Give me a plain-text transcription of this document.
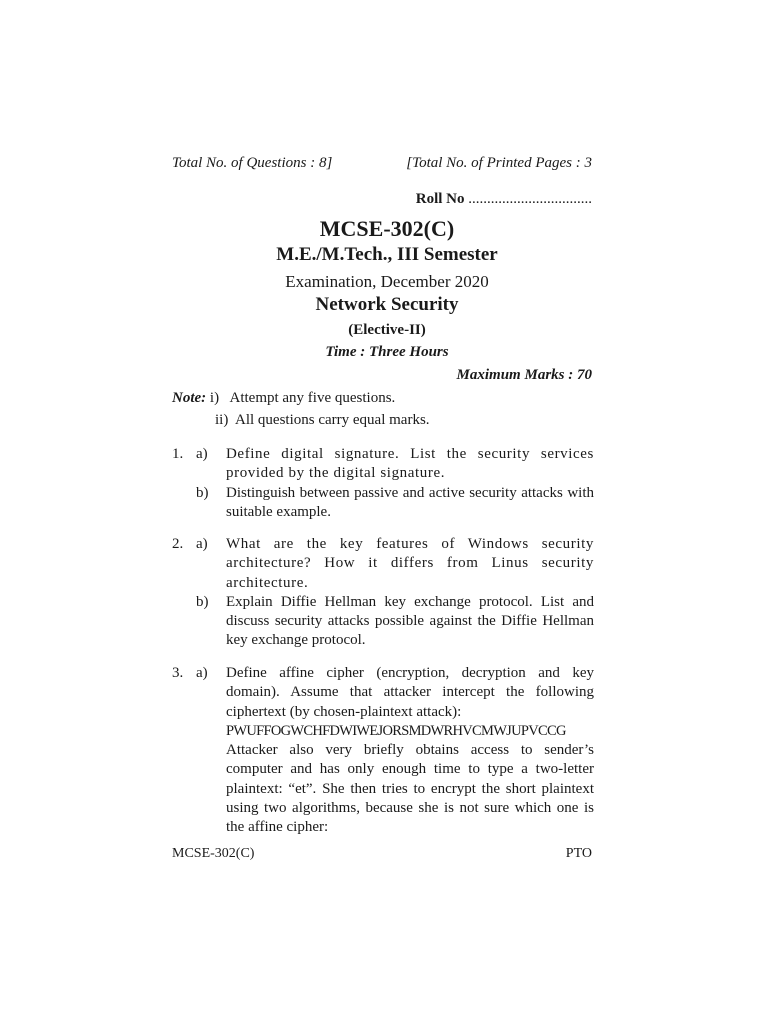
Total No. of Questions : 8]	[Total No. of Printed Pages : 3
Roll No .................................
MCSE-302(C)
M.E./M.Tech., III Semester
Examination, December 2020
Network Security
(Elective-II)
Time : Three Hours
Maximum Marks : 70
Note: i)   Attempt any five questions.
ii)  All questions carry equal marks.
1. a)	Define digital signature. List the security services provided by the digital signature.
b)	Distinguish between passive and active security attacks with suitable example.
2. a)	What are the key features of Windows security architecture? How it differs from Linus security architecture.
b)	Explain Diffie Hellman key exchange protocol. List and discuss security attacks possible against the Diffie Hellman key exchange protocol.
3. a)	Define affine cipher (encryption, decryption and key domain). Assume that attacker intercept the following ciphertext (by chosen-plaintext attack):
PWUFFOGWCHFDWIWEJORSMDWRHVCMWJUPVCCG
Attacker also very briefly obtains access to sender’s computer and has only enough time to type a two-letter plaintext: “et”. She then tries to encrypt the short plaintext using two algorithms, because she is not sure which one is the affine cipher:
MCSE-302(C)	PTO
